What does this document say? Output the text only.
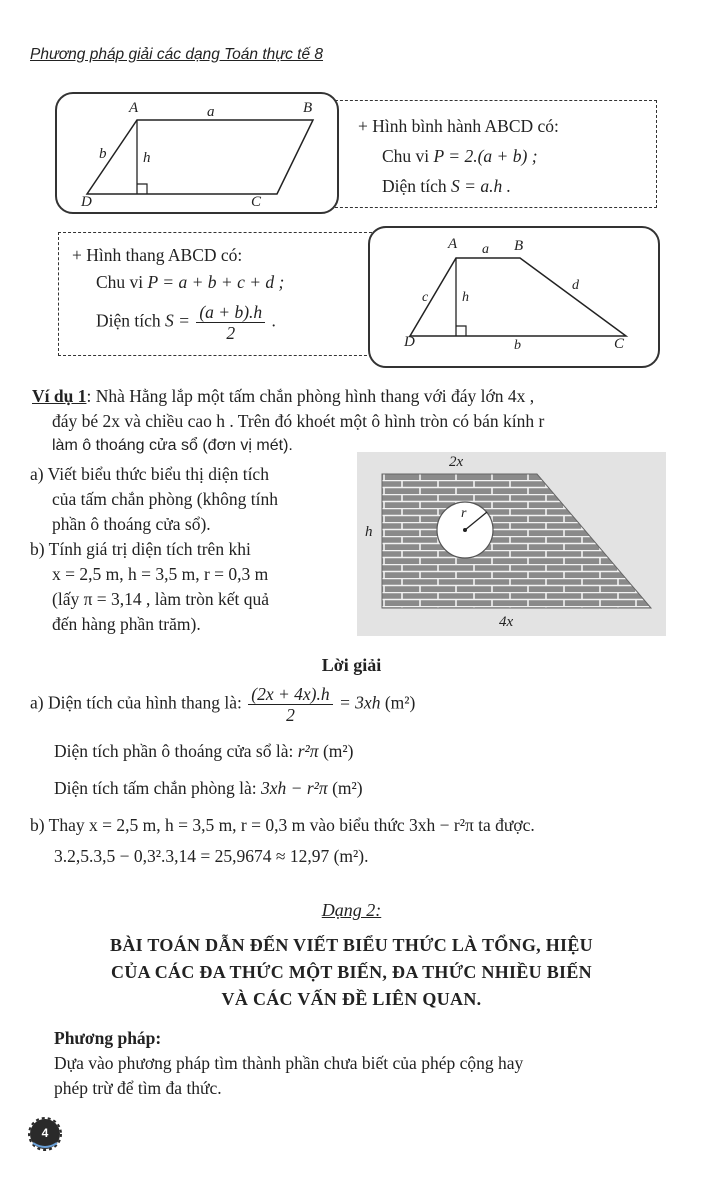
Phương pháp giải các dạng Toán thực tế 8
A	B
C
D
a
b h
+ Hình bình hành ABCD có:
Chu vi P = 2.(a + b) ;
Diện tích S = a.h .
A	B
C
D
a
b
c
d
h
+ Hình thang ABCD có:
Chu vi P = a + b + c + d ;
Diện tích $S = \frac{(a + b).h}{2}$ .
Ví dụ 1: Nhà Hằng lắp một tấm chắn phòng hình thang với đáy lớn 4x ,
đáy bé 2x và chiều cao h . Trên đó khoét một ô hình tròn có bán kính r
làm ô thoáng cửa sổ (đơn vị mét).
a) Viết biểu thức biểu thị diện tích
của tấm chắn phòng (không tính
phần ô thoáng cửa sổ).
b) Tính giá trị diện tích trên khi
x = 2,5 m, h = 3,5 m, r = 0,3 m
(lấy π = 3,14 , làm tròn kết quả
đến hàng phần trăm).
2x
4x
h
r
Lời giải
a) Diện tích của hình thang là: $\frac{(2x + 4x).h}{2} = 3xh$ (m²)
Diện tích phần ô thoáng cửa sổ là: r²π (m²)
Diện tích tấm chắn phòng là: 3xh − r²π (m²)
b) Thay x = 2,5 m, h = 3,5 m, r = 0,3 m vào biểu thức 3xh − r²π ta được.
3.2,5.3,5 − 0,3².3,14 = 25,9674 ≈ 12,97 (m²).
Dạng 2:
BÀI TOÁN DẪN ĐẾN VIẾT BIỂU THỨC LÀ TỔNG, HIỆU
CỦA CÁC ĐA THỨC MỘT BIẾN, ĐA THỨC NHIỀU BIẾN
VÀ CÁC VẤN ĐỀ LIÊN QUAN.
Phương pháp:
Dựa vào phương pháp tìm thành phần chưa biết của phép cộng hay
phép trừ để tìm đa thức.
4
